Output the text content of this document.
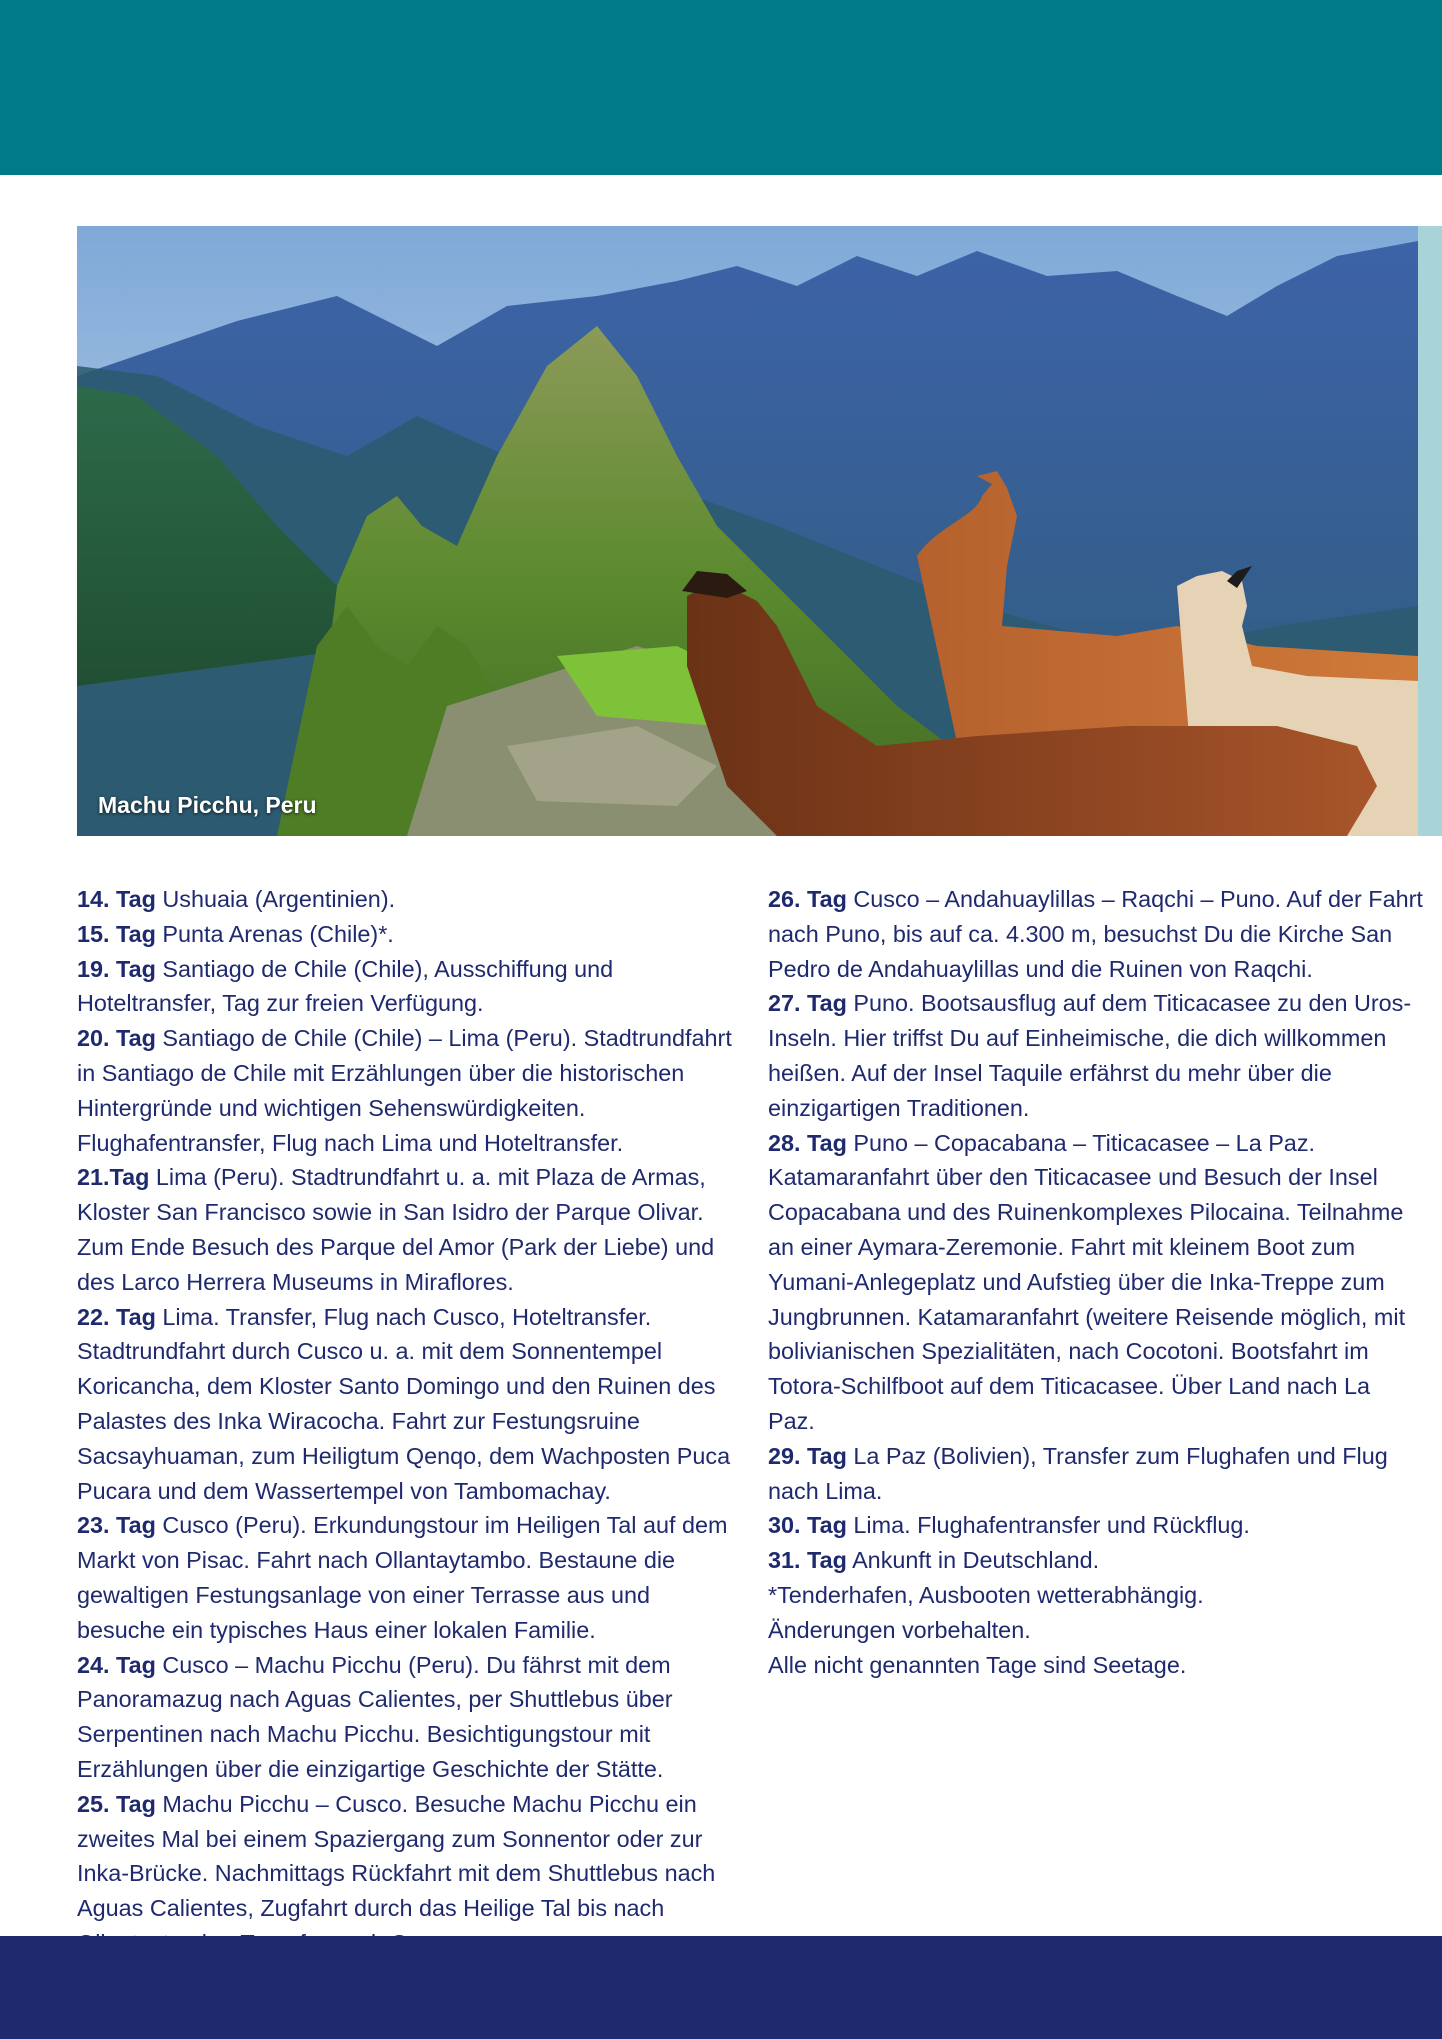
Machu Picchu, Peru

14. Tag Ushuaia (Argentinien).

15. Tag Punta Arenas (Chile)*.

19. Tag Santiago de Chile (Chile), Ausschiffung und Hoteltransfer, Tag zur freien Verfügung.

20. Tag Santiago de Chile (Chile) – Lima (Peru). Stadtrundfahrt in Santiago de Chile mit Erzählungen über die historischen Hintergründe und wichtigen Sehenswürdigkeiten. Flughafentransfer, Flug nach Lima und Hoteltransfer.

21.Tag Lima (Peru). Stadtrundfahrt u. a. mit Plaza de Armas, Kloster San Francisco sowie in San Isidro der Parque Olivar. Zum Ende Besuch des Parque del Amor (Park der Liebe) und des Larco Herrera Museums in Miraflores.

22. Tag Lima. Transfer, Flug nach Cusco, Hoteltransfer. Stadtrundfahrt durch Cusco u. a. mit dem Sonnentempel Koricancha, dem Kloster Santo Domingo und den Ruinen des Palastes des Inka Wiracocha. Fahrt zur Festungsruine Sacsayhuaman, zum Heiligtum Qenqo, dem Wachposten Puca Pucara und dem Wassertempel von Tambomachay.

23. Tag Cusco (Peru). Erkundungstour im Heiligen Tal auf dem Markt von Pisac. Fahrt nach Ollantaytambo. Bestaune die gewaltigen Festungsanlage von einer Terrasse aus und besuche ein typisches Haus einer lokalen Familie.

24. Tag Cusco – Machu Picchu (Peru). Du fährst mit dem Panoramazug nach Aguas Calientes, per Shuttlebus über Serpentinen nach Machu Picchu. Besichtigungstour mit Erzählungen über die einzigartige Geschichte der Stätte.

25. Tag Machu Picchu – Cusco. Besuche Machu Picchu ein zweites Mal bei einem Spaziergang zum Sonnentor oder zur Inka-Brücke. Nachmittags Rückfahrt mit dem Shuttlebus nach Aguas Calientes, Zugfahrt durch das Heilige Tal bis nach

26. Tag Cusco – Andahuaylillas – Raqchi – Puno. Auf der Fahrt nach Puno, bis auf ca. 4.300 m, besuchst Du die Kirche San Pedro de Andahuaylillas und die Ruinen von Raqchi.

27. Tag Puno. Bootsausflug auf dem Titicacasee zu den Uros-Inseln. Hier triffst Du auf Einheimische, die dich willkommen heißen. Auf der Insel Taquile erfährst du mehr über die einzigartigen Traditionen.

28. Tag Puno – Copacabana – Titicacasee – La Paz. Katamaranfahrt über den Titicacasee und Besuch der Insel Copacabana und des Ruinenkomplexes Pilocaina. Teilnahme an einer Aymara-Zeremonie. Fahrt mit kleinem Boot zum Yumani-Anlegeplatz und Aufstieg über die Inka-Treppe zum Jungbrunnen. Katamaranfahrt (weitere Reisende möglich, mit bolivianischen Spezialitäten, nach Cocotoni. Bootsfahrt im Totora-Schilfboot auf dem Titicacasee. Über Land nach La Paz.

29. Tag La Paz (Bolivien), Transfer zum Flughafen und Flug nach Lima.

30. Tag Lima. Flughafentransfer und Rückflug.

31. Tag Ankunft in Deutschland.

*Tenderhafen, Ausbooten wetterabhängig.

Änderungen vorbehalten.

Alle nicht genannten Tage sind Seetage.
